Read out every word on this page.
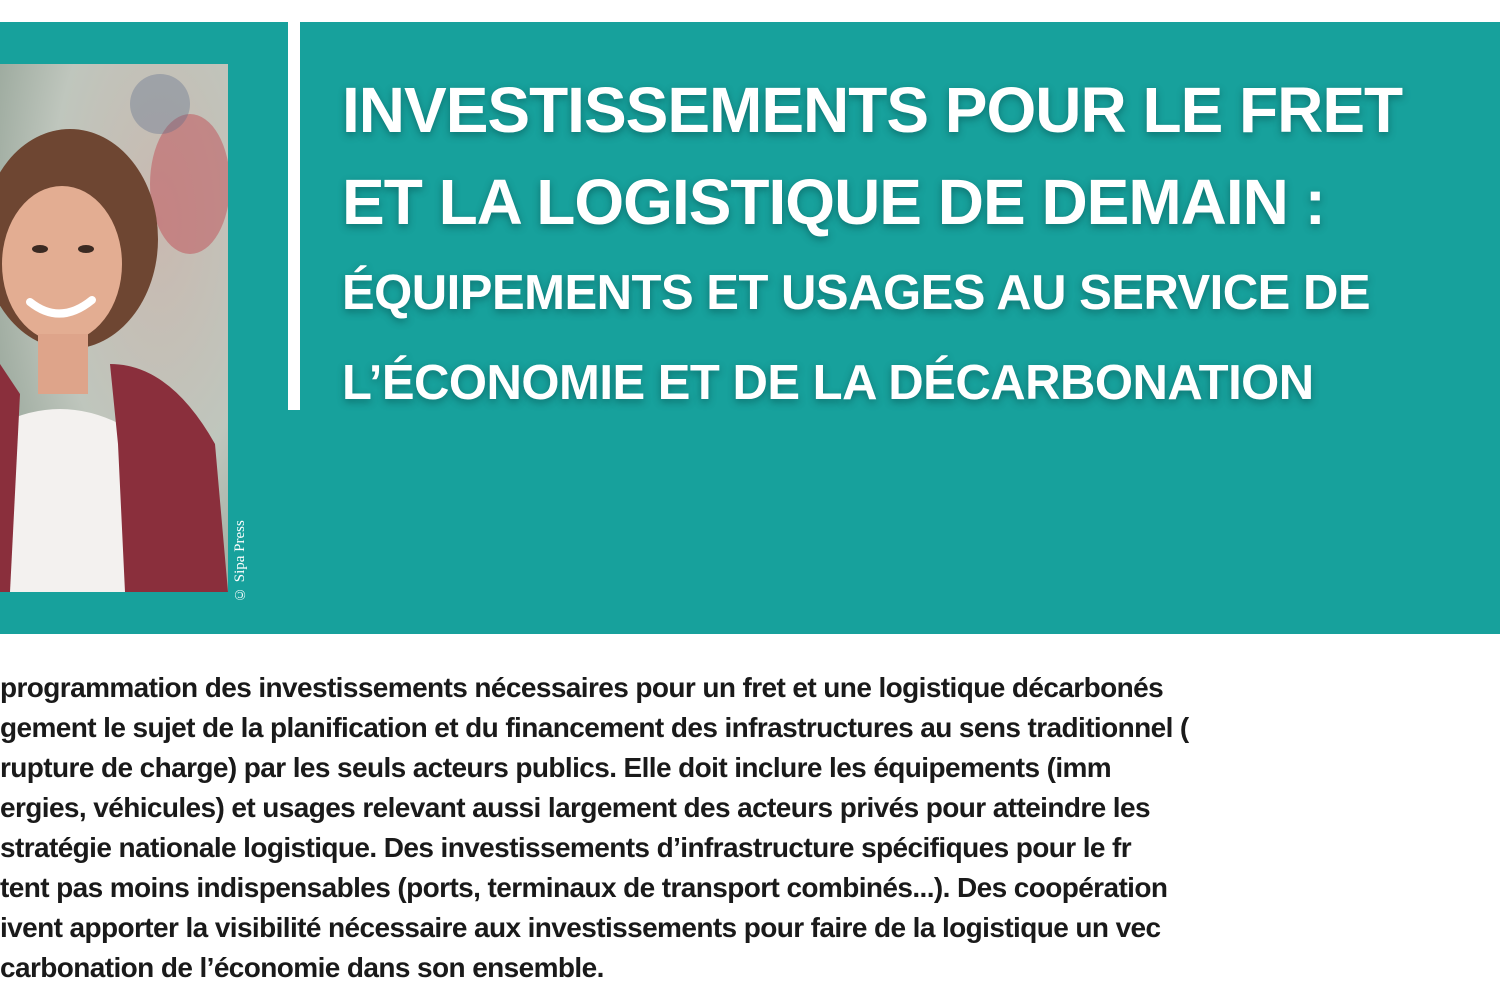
© Sipa Press
INVESTISSEMENTS POUR LE FRET
ET LA LOGISTIQUE DE DEMAIN :
ÉQUIPEMENTS ET USAGES AU SERVICE DE
L’ÉCONOMIE ET DE LA DÉCARBONATION
programmation des investissements nécessaires pour un fret et une logistique décarbonés
gement le sujet de la planification et du financement des infrastructures au sens traditionnel (
rupture de charge) par les seuls acteurs publics. Elle doit inclure les équipements (imm
ergies, véhicules) et usages relevant aussi largement des acteurs privés pour atteindre les
stratégie nationale logistique. Des investissements d’infrastructure spécifiques pour le fr
tent pas moins indispensables (ports, terminaux de transport combinés...). Des coopération
ivent apporter la visibilité nécessaire aux investissements pour faire de la logistique un vec
carbonation de l’économie dans son ensemble.
